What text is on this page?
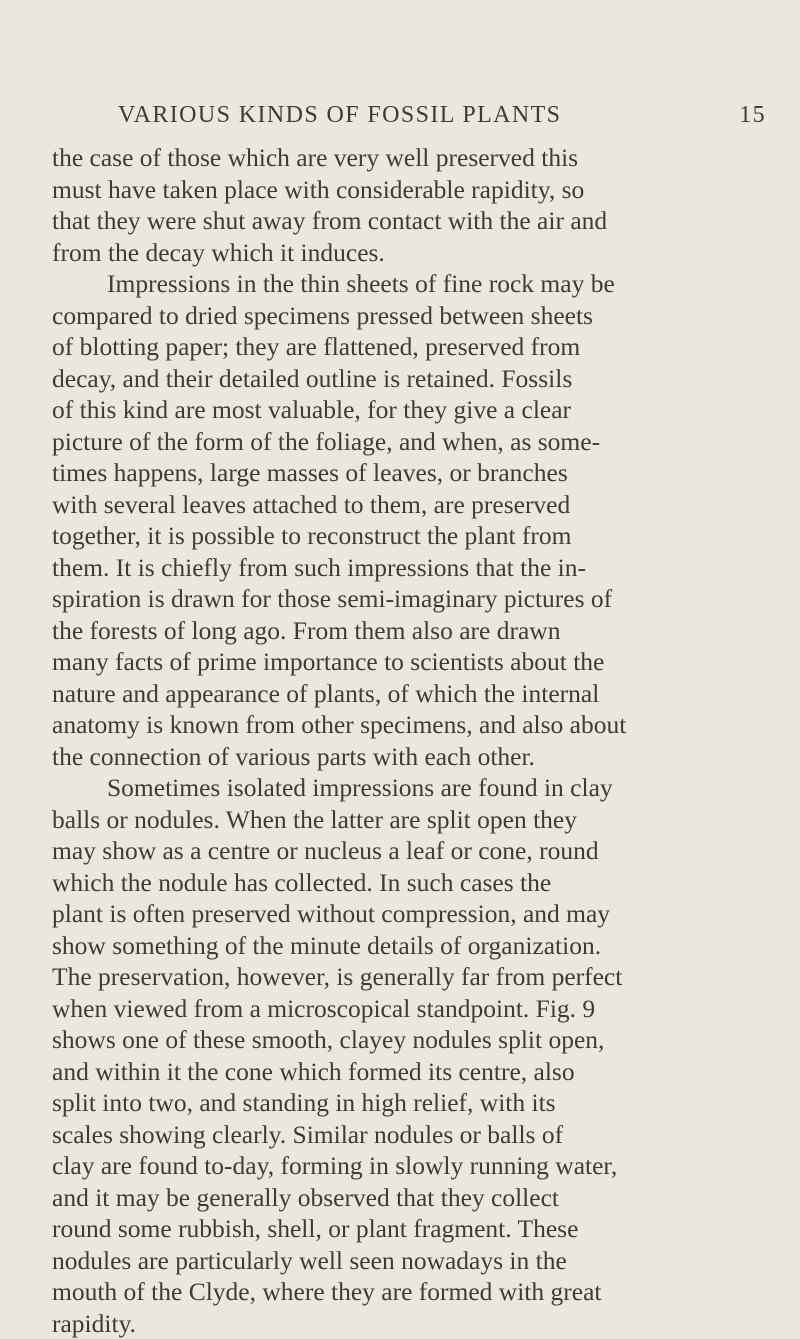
VARIOUS KINDS OF FOSSIL PLANTS	15
the case of those which are very well preserved this
must have taken place with considerable rapidity, so
that they were shut away from contact with the air and
from the decay which it induces.
Impressions in the thin sheets of fine rock may be
compared to dried specimens pressed between sheets
of blotting paper; they are flattened, preserved from
decay, and their detailed outline is retained. Fossils
of this kind are most valuable, for they give a clear
picture of the form of the foliage, and when, as some-
times happens, large masses of leaves, or branches
with several leaves attached to them, are preserved
together, it is possible to reconstruct the plant from
them. It is chiefly from such impressions that the in-
spiration is drawn for those semi-imaginary pictures of
the forests of long ago. From them also are drawn
many facts of prime importance to scientists about the
nature and appearance of plants, of which the internal
anatomy is known from other specimens, and also about
the connection of various parts with each other.
Sometimes isolated impressions are found in clay
balls or nodules. When the latter are split open they
may show as a centre or nucleus a leaf or cone, round
which the nodule has collected. In such cases the
plant is often preserved without compression, and may
show something of the minute details of organization.
The preservation, however, is generally far from perfect
when viewed from a microscopical standpoint. Fig. 9
shows one of these smooth, clayey nodules split open,
and within it the cone which formed its centre, also
split into two, and standing in high relief, with its
scales showing clearly. Similar nodules or balls of
clay are found to-day, forming in slowly running water,
and it may be generally observed that they collect
round some rubbish, shell, or plant fragment. These
nodules are particularly well seen nowadays in the
mouth of the Clyde, where they are formed with great
rapidity.
